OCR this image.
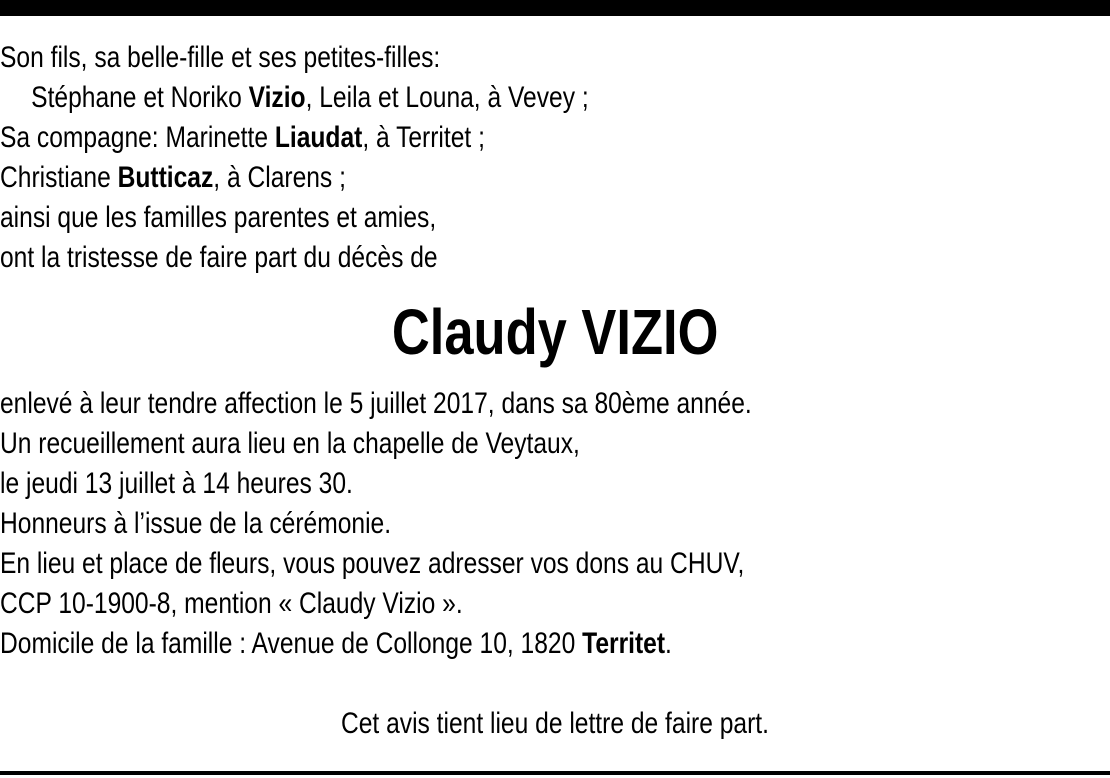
Son fils, sa belle-fille et ses petites-filles:
Stéphane et Noriko Vizio, Leila et Louna, à Vevey ;
Sa compagne: Marinette Liaudat, à Territet ;
Christiane Butticaz, à Clarens ;
ainsi que les familles parentes et amies,
ont la tristesse de faire part du décès de
Claudy VIZIO
enlevé à leur tendre affection le 5 juillet 2017, dans sa 80ème année.
Un recueillement aura lieu en la chapelle de Veytaux,
le jeudi 13 juillet à 14 heures 30.
Honneurs à l’issue de la cérémonie.
En lieu et place de fleurs, vous pouvez adresser vos dons au CHUV,
CCP 10-1900-8, mention « Claudy Vizio ».
Domicile de la famille : Avenue de Collonge 10, 1820 Territet.
Cet avis tient lieu de lettre de faire part.
